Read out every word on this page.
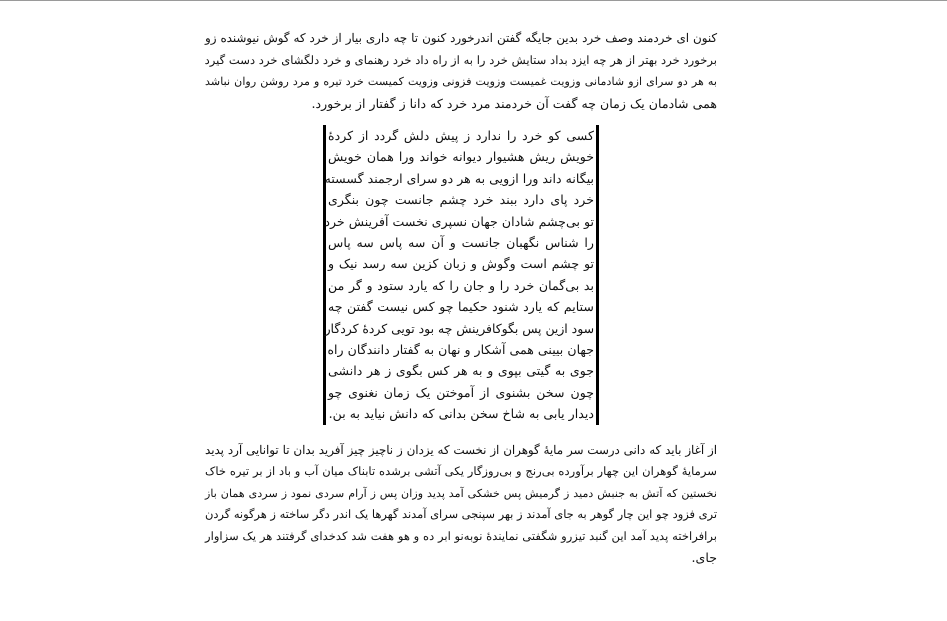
کنون ای خردمند وصف خرد بدین جایگه گفتن اندرخورد کنون تا چه داری بیار از خرد که گوش نیوشنده زو
برخورد خرد بهتر از هر چه ایزد بداد ستایش خرد را به از راه داد خرد رهنمای و خرد دلگشای خرد دست گیرد
به هر دو سرای ازو شادمانی وزویت غمیست وزویت فزونی وزویت کمیست خرد تیره و مرد روشن روان نباشد
همی شادمان یک زمان چه گفت آن خردمند مرد خرد که دانا ز گفتار از برخورد.

کسی کو خرد را ندارد ز پیش دلش گردد از کردهٔ
خویش ریش هشیوار دیوانه خواند ورا همان خویش
بیگانه داند ورا ازویی به هر دو سرای ارجمند گسسته
خرد پای دارد ببند خرد چشم جانست چون بنگری
تو بی‌چشم شادان جهان نسپری نخست آفرینش خرد
را شناس نگهبان جانست و آن سه پاس سه پاس
تو چشم است وگوش و زبان کزین سه رسد نیک و
بد بی‌گمان خرد را و جان را که یارد ستود و گر من
ستایم که یارد شنود حکیما چو کس نیست گفتن چه
سود ازین پس بگوکافرینش چه بود تویی کردهٔ کردگار
جهان بیینی همی آشکار و نهان به گفتار دانندگان راه
جوی به گیتی بپوی و به هر کس بگوی ز هر دانشی
چون سخن بشنوی از آموختن یک زمان نغنوی چو
دیدار یابی به شاخ سخن بدانی که دانش نیاید به بن.

از آغاز باید که دانی درست سر مایهٔ گوهران از نخست که یزدان ز ناچیز چیز آفرید بدان تا توانایی آرد پدید
سرمایهٔ گوهران این چهار برآورده بی‌رنج و بی‌روزگار یکی آتشی برشده تابناک میان آب و باد از بر تیره خاک
نخستین که آتش به جنبش دمید ز گرمیش پس خشکی آمد پدید وزان پس ز آرام سردی نمود ز سردی همان باز
تری فزود چو این چار گوهر به جای آمدند ز بهر سپنجی سرای آمدند گهرها یک اندر دگر ساخته ز هرگونه گردن
برافراخته پدید آمد این گنبد تیزرو شگفتی نمایندهٔ نوبه‌نو ابر ده و هو هفت شد کدخدای گرفتند هر یک سزاوار
جای.
